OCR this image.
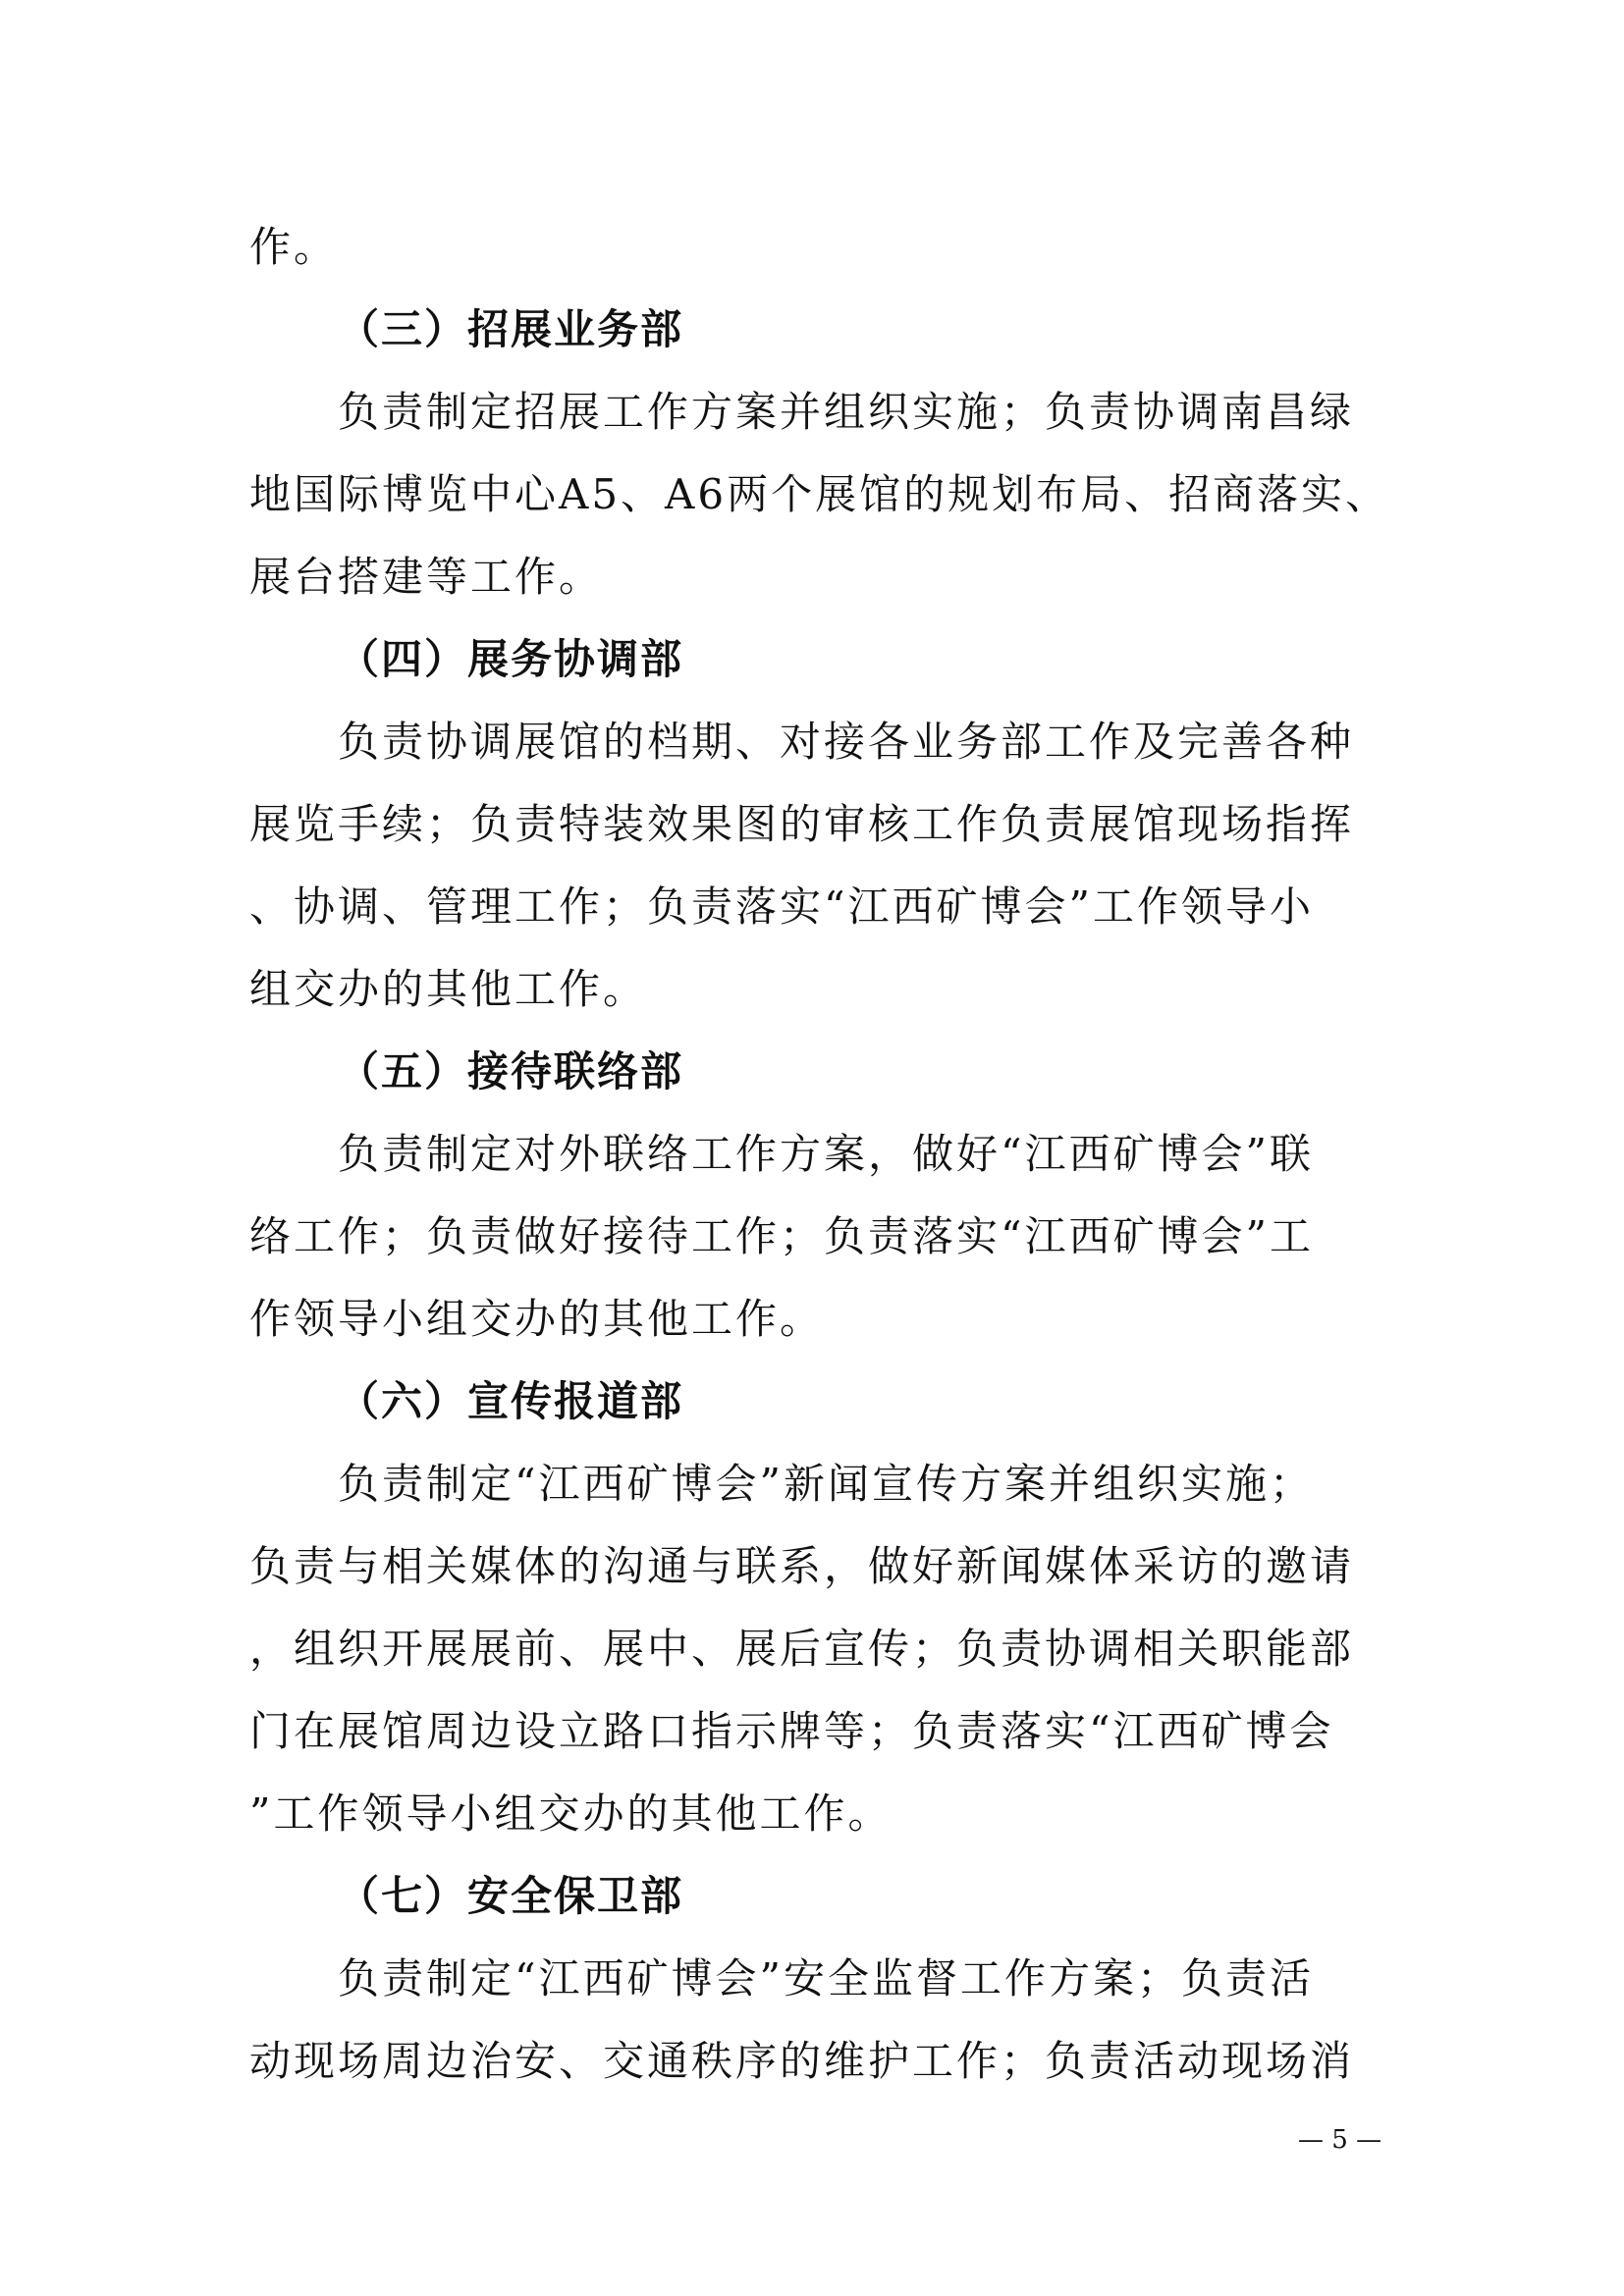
作。
（三）招展业务部
负责制定招展工作方案并组织实施；负责协调南昌绿
地国际博览中心A5、A6两个展馆的规划布局、招商落实、
展台搭建等工作。
（四）展务协调部
负责协调展馆的档期、对接各业务部工作及完善各种
展览手续；负责特装效果图的审核工作负责展馆现场指挥
、协调、管理工作；负责落实“江西矿博会”工作领导小
组交办的其他工作。
（五）接待联络部
负责制定对外联络工作方案，做好“江西矿博会”联
络工作；负责做好接待工作；负责落实“江西矿博会”工
作领导小组交办的其他工作。
（六）宣传报道部
负责制定“江西矿博会”新闻宣传方案并组织实施；
负责与相关媒体的沟通与联系，做好新闻媒体采访的邀请
，组织开展展前、展中、展后宣传；负责协调相关职能部
门在展馆周边设立路口指示牌等；负责落实“江西矿博会
”工作领导小组交办的其他工作。
（七）安全保卫部
负责制定“江西矿博会”安全监督工作方案；负责活
动现场周边治安、交通秩序的维护工作；负责活动现场消
— 5 —
